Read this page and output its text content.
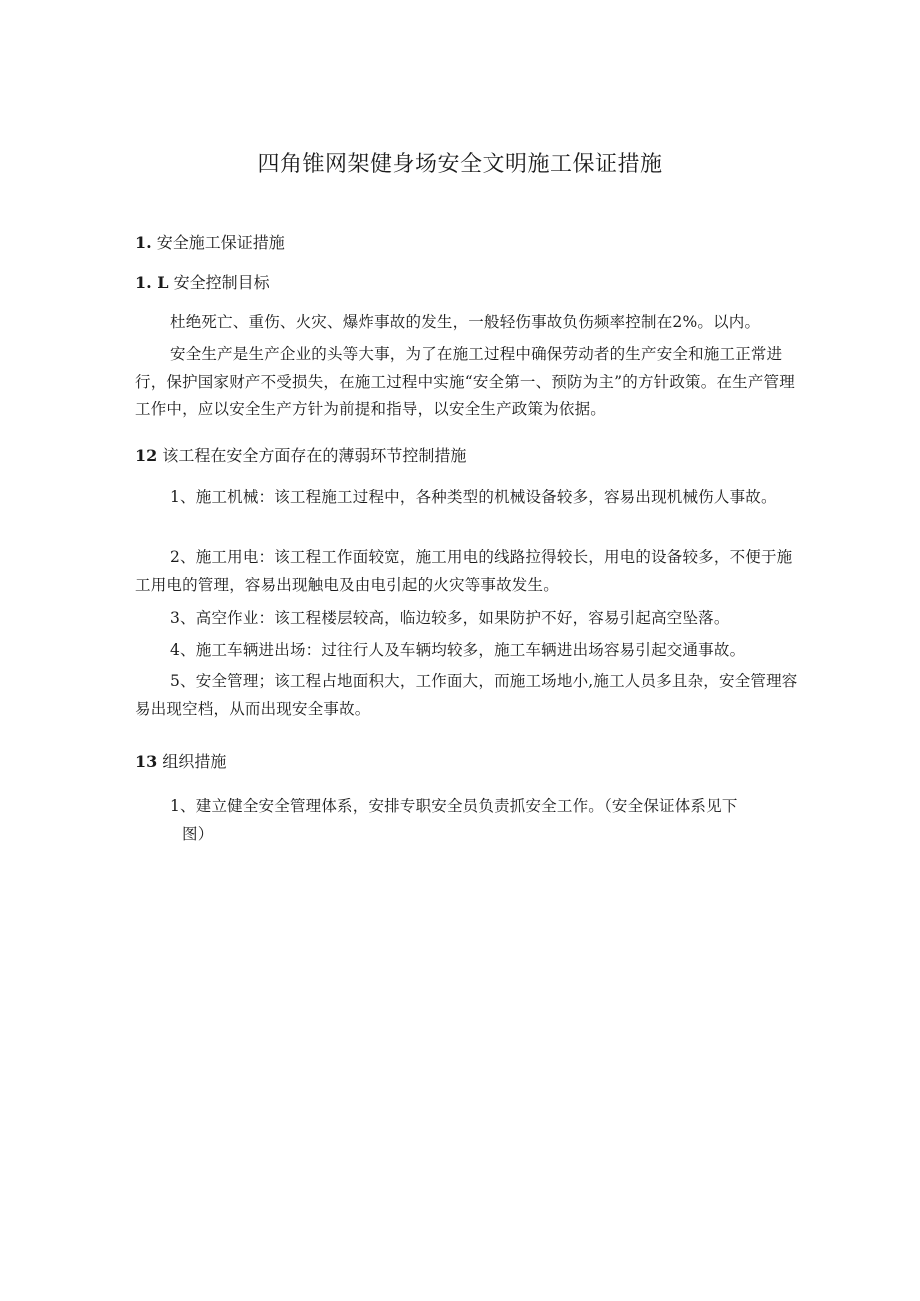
四角锥网架健身场安全文明施工保证措施
1. 安全施工保证措施
1. L 安全控制目标

杜绝死亡、重伤、火灾、爆炸事故的发生，一般轻伤事故负伤频率控制在2%。以内。

安全生产是生产企业的头等大事，为了在施工过程中确保劳动者的生产安全和施工正常进行，保护国家财产不受损失，在施工过程中实施“安全第一、预防为主”的方针政策。在生产管理工作中，应以安全生产方针为前提和指导，以安全生产政策为依据。

12 该工程在安全方面存在的薄弱环节控制措施

1、施工机械：该工程施工过程中，各种类型的机械设备较多，容易出现机械伤人事故。

2、施工用电：该工程工作面较宽，施工用电的线路拉得较长，用电的设备较多，不便于施工用电的管理，容易出现触电及由电引起的火灾等事故发生。

3、高空作业：该工程楼层较高，临边较多，如果防护不好，容易引起高空坠落。

4、施工车辆进出场：过往行人及车辆均较多，施工车辆进出场容易引起交通事故。

5、安全管理；该工程占地面积大，工作面大，而施工场地小,施工人员多且杂，安全管理容易出现空档，从而出现安全事故。

13 组织措施

1、建立健全安全管理体系，安排专职安全员负责抓安全工作。（安全保证体系见下
图）
